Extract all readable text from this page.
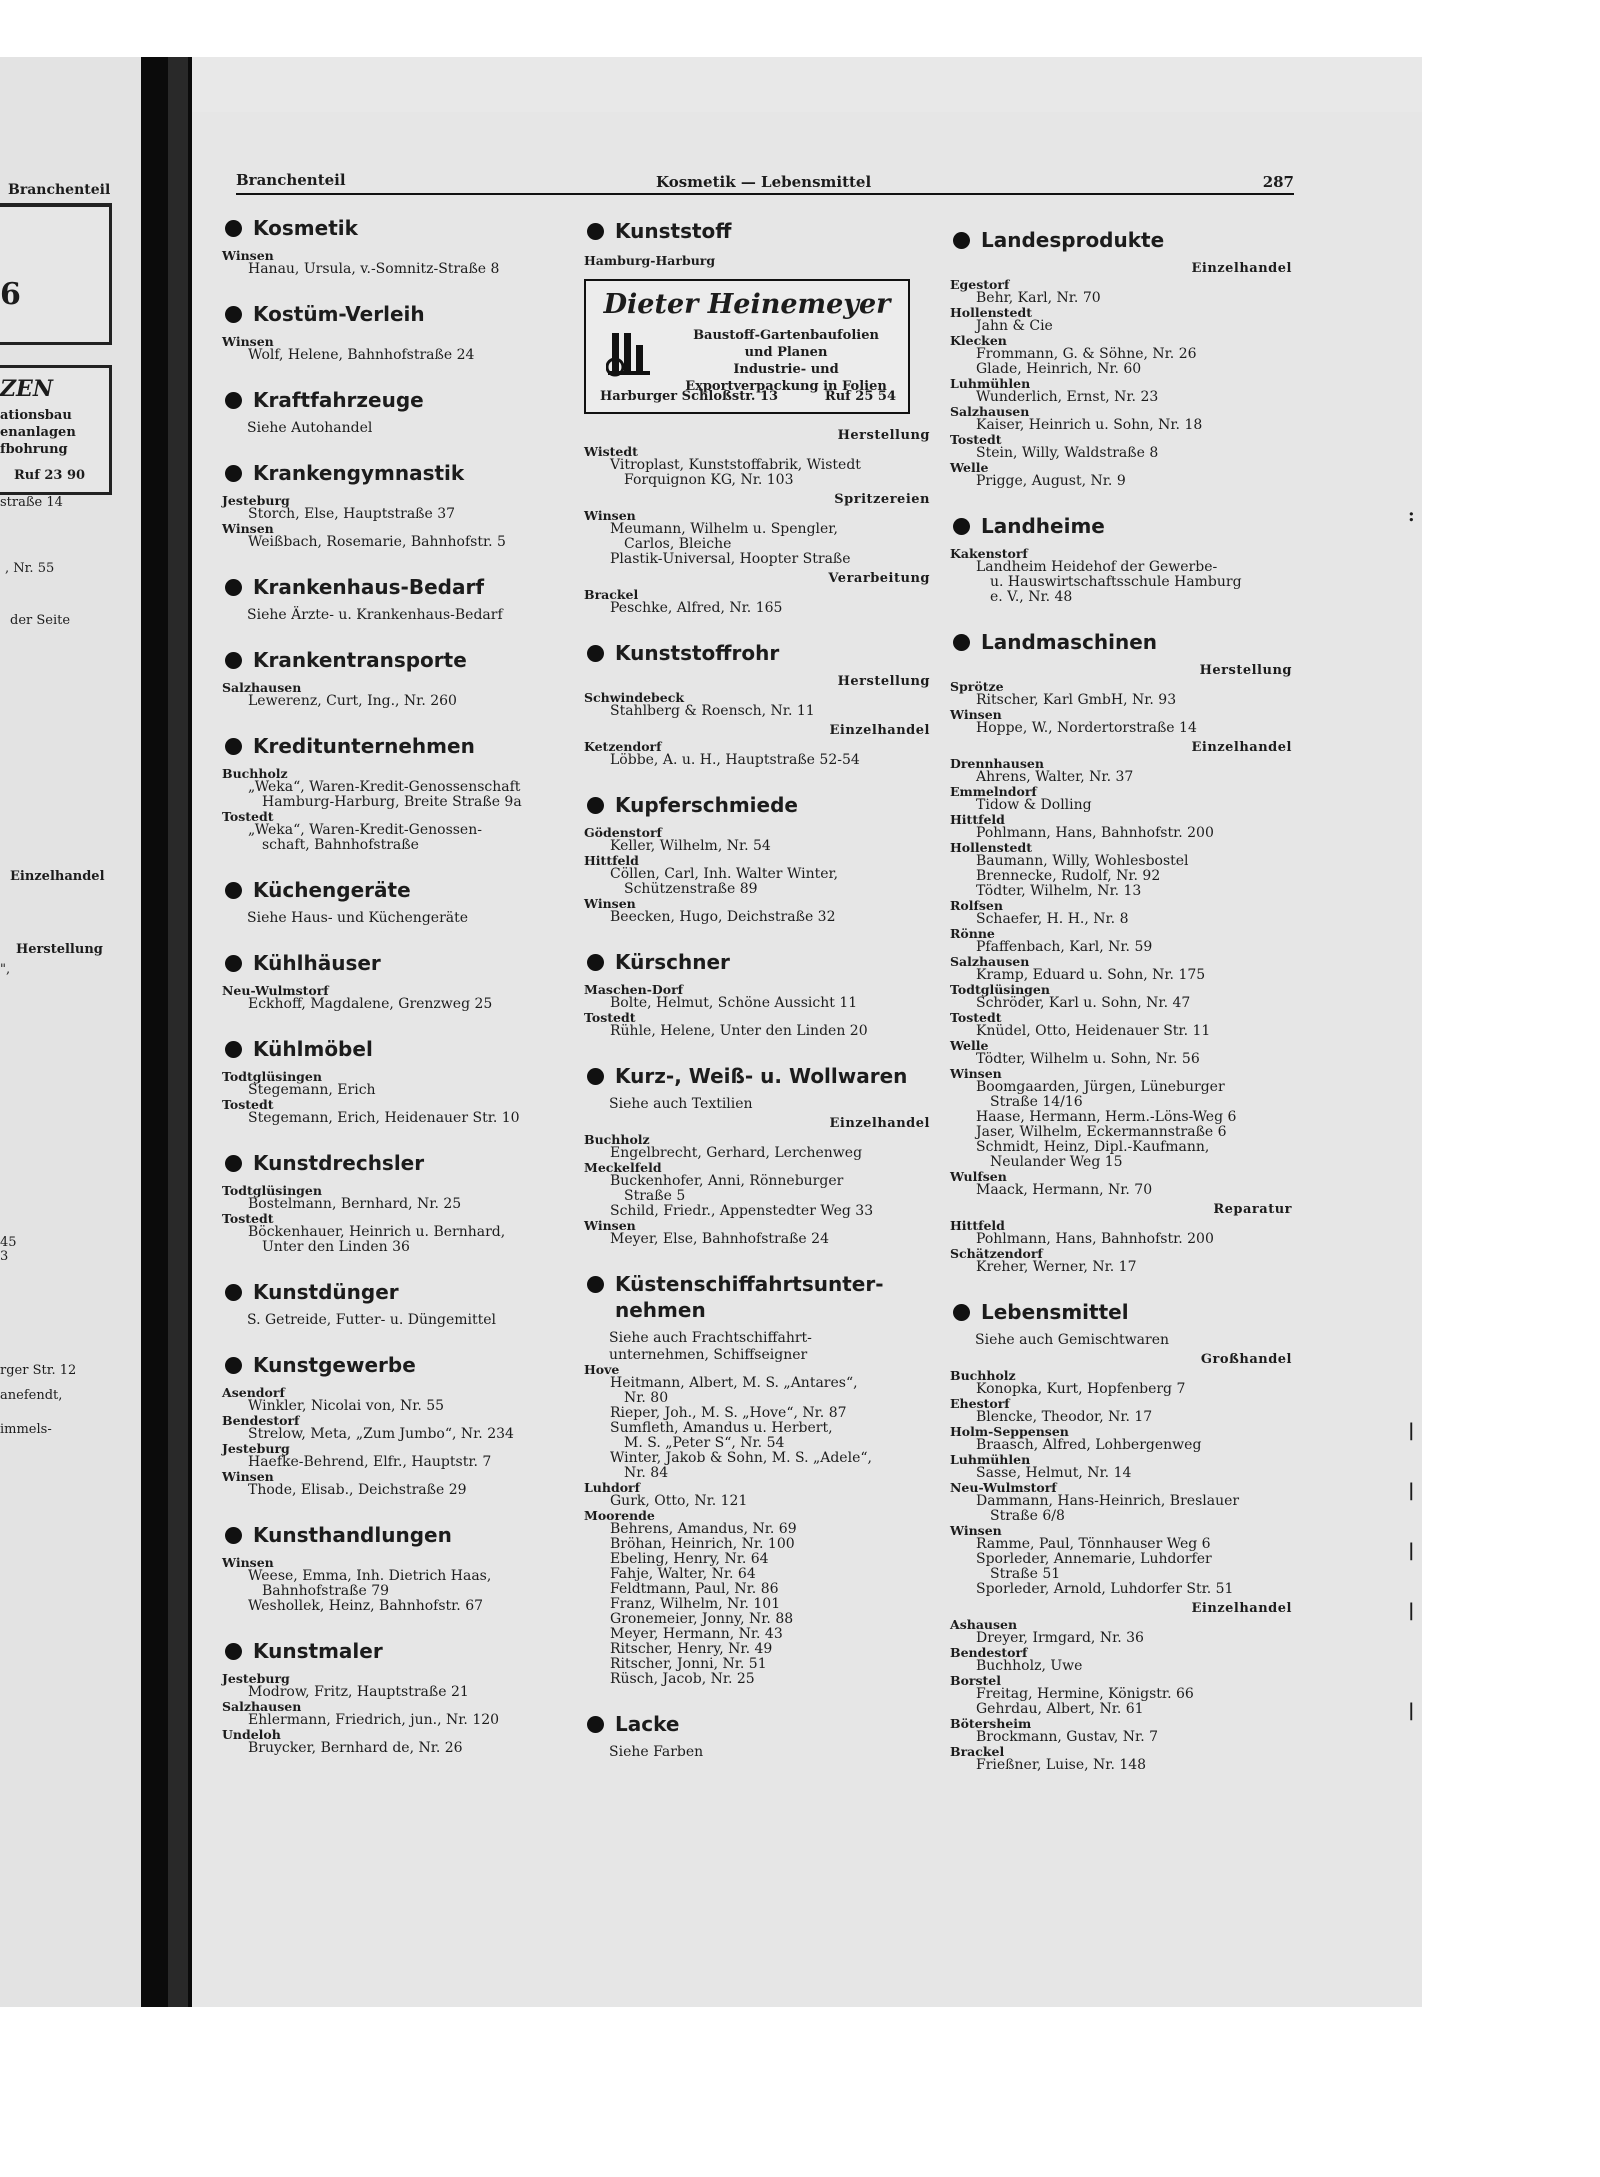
Branchenteil
6
ZEN
ationsbau
enanlagen
fbohrung
Ruf 23 90
straße 14
, Nr. 55
der Seite
Einzelhandel
Herstellung
",
45
3
rger Str. 12
anefendt,
immels-
Branchenteil	Kosmetik — Lebensmittel	287
Kosmetik
Winsen
Hanau, Ursula, v.-Somnitz-Straße 8
Kostüm-Verleih
Winsen
Wolf, Helene, Bahnhofstraße 24
Kraftfahrzeuge
Siehe Autohandel
Krankengymnastik
Jesteburg
Storch, Else, Hauptstraße 37
Winsen
Weißbach, Rosemarie, Bahnhofstr. 5
Krankenhaus-Bedarf
Siehe Ärzte- u. Krankenhaus-Bedarf
Krankentransporte
Salzhausen
Lewerenz, Curt, Ing., Nr. 260
Kreditunternehmen
Buchholz
„Weka“, Waren-Kredit-Genossenschaft
Hamburg-Harburg, Breite Straße 9a
Tostedt
„Weka“, Waren-Kredit-Genossen-
schaft, Bahnhofstraße
Küchengeräte
Siehe Haus- und Küchengeräte
Kühlhäuser
Neu-Wulmstorf
Eckhoff, Magdalene, Grenzweg 25
Kühlmöbel
Todtglüsingen
Stegemann, Erich
Tostedt
Stegemann, Erich, Heidenauer Str. 10
Kunstdrechsler
Todtglüsingen
Bostelmann, Bernhard, Nr. 25
Tostedt
Böckenhauer, Heinrich u. Bernhard,
Unter den Linden 36
Kunstdünger
S. Getreide, Futter- u. Düngemittel
Kunstgewerbe
Asendorf
Winkler, Nicolai von, Nr. 55
Bendestorf
Strelow, Meta, „Zum Jumbo“, Nr. 234
Jesteburg
Haefke-Behrend, Elfr., Hauptstr. 7
Winsen
Thode, Elisab., Deichstraße 29
Kunsthandlungen
Winsen
Weese, Emma, Inh. Dietrich Haas,
Bahnhofstraße 79
Weshollek, Heinz, Bahnhofstr. 67
Kunstmaler
Jesteburg
Modrow, Fritz, Hauptstraße 21
Salzhausen
Ehlermann, Friedrich, jun., Nr. 120
Undeloh
Bruycker, Bernhard de, Nr. 26
Kunststoff
Hamburg-Harburg
Dieter Heinemeyer
Baustoff-Gartenbaufolien
und Planen
Industrie- und
Exportverpackung in Folien
Harburger Schloßstr. 13	Ruf 25 54
Herstellung
Wistedt
Vitroplast, Kunststoffabrik, Wistedt
Forquignon KG, Nr. 103
Spritzereien
Winsen
Meumann, Wilhelm u. Spengler,
Carlos, Bleiche
Plastik-Universal, Hoopter Straße
Verarbeitung
Brackel
Peschke, Alfred, Nr. 165
Kunststoffrohr
Herstellung
Schwindebeck
Stahlberg & Roensch, Nr. 11
Einzelhandel
Ketzendorf
Löbbe, A. u. H., Hauptstraße 52-54
Kupferschmiede
Gödenstorf
Keller, Wilhelm, Nr. 54
Hittfeld
Cöllen, Carl, Inh. Walter Winter,
Schützenstraße 89
Winsen
Beecken, Hugo, Deichstraße 32
Kürschner
Maschen-Dorf
Bolte, Helmut, Schöne Aussicht 11
Tostedt
Rühle, Helene, Unter den Linden 20
Kurz-, Weiß- u. Wollwaren
Siehe auch Textilien
Einzelhandel
Buchholz
Engelbrecht, Gerhard, Lerchenweg
Meckelfeld
Buckenhofer, Anni, Rönneburger
Straße 5
Schild, Friedr., Appenstedter Weg 33
Winsen
Meyer, Else, Bahnhofstraße 24
Küstenschiffahrtsunter-
nehmen
Siehe auch Frachtschiffahrt-
unternehmen, Schiffseigner
Hove
Heitmann, Albert, M. S. „Antares“,
Nr. 80
Rieper, Joh., M. S. „Hove“, Nr. 87
Sumfleth, Amandus u. Herbert,
M. S. „Peter S“, Nr. 54
Winter, Jakob & Sohn, M. S. „Adele“,
Nr. 84
Luhdorf
Gurk, Otto, Nr. 121
Moorende
Behrens, Amandus, Nr. 69
Bröhan, Heinrich, Nr. 100
Ebeling, Henry, Nr. 64
Fahje, Walter, Nr. 64
Feldtmann, Paul, Nr. 86
Franz, Wilhelm, Nr. 101
Gronemeier, Jonny, Nr. 88
Meyer, Hermann, Nr. 43
Ritscher, Henry, Nr. 49
Ritscher, Jonni, Nr. 51
Rüsch, Jacob, Nr. 25
Lacke
Siehe Farben
Landesprodukte
Einzelhandel
Egestorf
Behr, Karl, Nr. 70
Hollenstedt
Jahn & Cie
Klecken
Frommann, G. & Söhne, Nr. 26
Glade, Heinrich, Nr. 60
Luhmühlen
Wunderlich, Ernst, Nr. 23
Salzhausen
Kaiser, Heinrich u. Sohn, Nr. 18
Tostedt
Stein, Willy, Waldstraße 8
Welle
Prigge, August, Nr. 9
Landheime
Kakenstorf
Landheim Heidehof der Gewerbe-
u. Hauswirtschaftsschule Hamburg
e. V., Nr. 48
Landmaschinen
Herstellung
Sprötze
Ritscher, Karl GmbH, Nr. 93
Winsen
Hoppe, W., Nordertorstraße 14
Einzelhandel
Drennhausen
Ahrens, Walter, Nr. 37
Emmelndorf
Tidow & Dolling
Hittfeld
Pohlmann, Hans, Bahnhofstr. 200
Hollenstedt
Baumann, Willy, Wohlesbostel
Brennecke, Rudolf, Nr. 92
Tödter, Wilhelm, Nr. 13
Rolfsen
Schaefer, H. H., Nr. 8
Rönne
Pfaffenbach, Karl, Nr. 59
Salzhausen
Kramp, Eduard u. Sohn, Nr. 175
Todtglüsingen
Schröder, Karl u. Sohn, Nr. 47
Tostedt
Knüdel, Otto, Heidenauer Str. 11
Welle
Tödter, Wilhelm u. Sohn, Nr. 56
Winsen
Boomgaarden, Jürgen, Lüneburger
Straße 14/16
Haase, Hermann, Herm.-Löns-Weg 6
Jaser, Wilhelm, Eckermannstraße 6
Schmidt, Heinz, Dipl.-Kaufmann,
Neulander Weg 15
Wulfsen
Maack, Hermann, Nr. 70
Reparatur
Hittfeld
Pohlmann, Hans, Bahnhofstr. 200
Schätzendorf
Kreher, Werner, Nr. 17
Lebensmittel
Siehe auch Gemischtwaren
Großhandel
Buchholz
Konopka, Kurt, Hopfenberg 7
Ehestorf
Blencke, Theodor, Nr. 17
Holm-Seppensen
Braasch, Alfred, Lohbergenweg
Luhmühlen
Sasse, Helmut, Nr. 14
Neu-Wulmstorf
Dammann, Hans-Heinrich, Breslauer
Straße 6/8
Winsen
Ramme, Paul, Tönnhauser Weg 6
Sporleder, Annemarie, Luhdorfer
Straße 51
Sporleder, Arnold, Luhdorfer Str. 51
Einzelhandel
Ashausen
Dreyer, Irmgard, Nr. 36
Bendestorf
Buchholz, Uwe
Borstel
Freitag, Hermine, Königstr. 66
Gehrdau, Albert, Nr. 61
Bötersheim
Brockmann, Gustav, Nr. 7
Brackel
Frießner, Luise, Nr. 148
:
|
|
|
|
|
